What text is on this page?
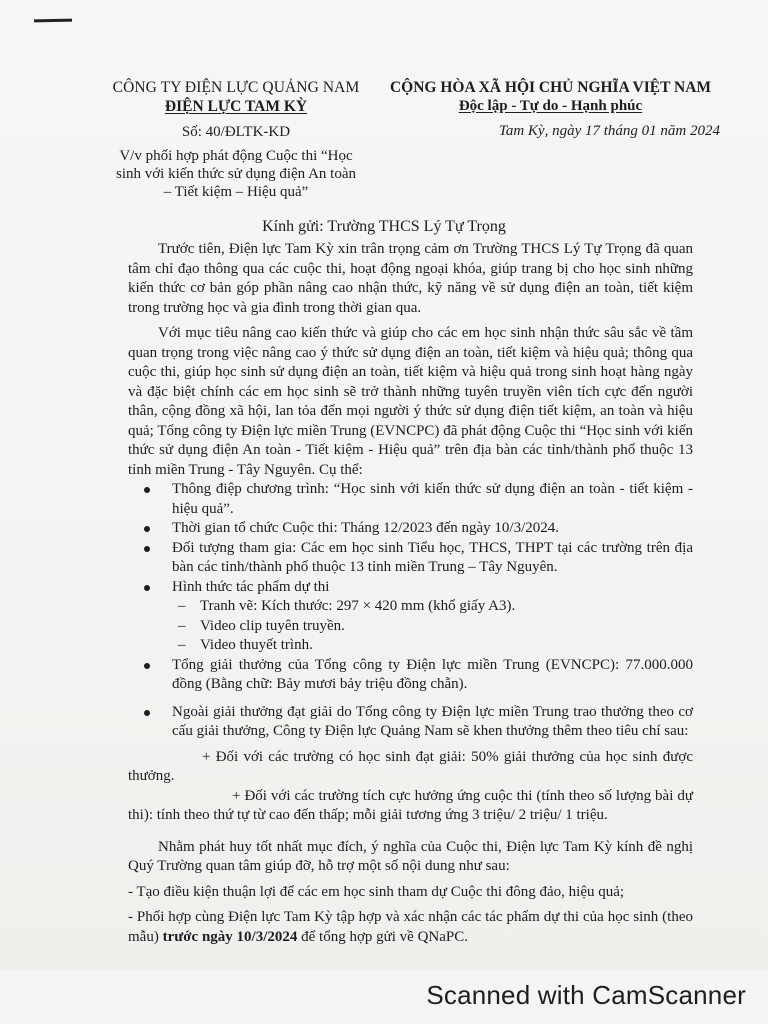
CÔNG TY ĐIỆN LỰC QUẢNG NAM
ĐIỆN LỰC TAM KỲ
CỘNG HÒA XÃ HỘI CHỦ NGHĨA VIỆT NAM
Độc lập - Tự do - Hạnh phúc
Số: 40/ĐLTK-KD	Tam Kỳ, ngày 17 tháng 01 năm 2024
V/v phối hợp phát động Cuộc thi “Học
sinh với kiến thức sử dụng điện An toàn
– Tiết kiệm – Hiệu quả”
Kính gửi: Trường THCS Lý Tự Trọng

Trước tiên, Điện lực Tam Kỳ xin trân trọng cảm ơn Trường THCS Lý Tự Trọng đã quan tâm chỉ đạo thông qua các cuộc thi, hoạt động ngoại khóa, giúp trang bị cho học sinh những kiến thức cơ bản góp phần nâng cao nhận thức, kỹ năng về sử dụng điện an toàn, tiết kiệm trong trường học và gia đình trong thời gian qua.

Với mục tiêu nâng cao kiến thức và giúp cho các em học sinh nhận thức sâu sắc về tầm quan trọng trong việc nâng cao ý thức sử dụng điện an toàn, tiết kiệm và hiệu quả; thông qua cuộc thi, giúp học sinh sử dụng điện an toàn, tiết kiệm và hiệu quả trong sinh hoạt hàng ngày và đặc biệt chính các em học sinh sẽ trở thành những tuyên truyền viên tích cực đến người thân, cộng đồng xã hội, lan tỏa đến mọi người ý thức sử dụng điện tiết kiệm, an toàn và hiệu quả; Tổng công ty Điện lực miền Trung (EVNCPC) đã phát động Cuộc thi “Học sinh với kiến thức sử dụng điện An toàn - Tiết kiệm - Hiệu quả” trên địa bàn các tỉnh/thành phố thuộc 13 tỉnh miền Trung - Tây Nguyên. Cụ thể:

Thông điệp chương trình: “Học sinh với kiến thức sử dụng điện an toàn - tiết kiệm - hiệu quả”.
Thời gian tổ chức Cuộc thi: Tháng 12/2023 đến ngày 10/3/2024.
Đối tượng tham gia: Các em học sinh Tiểu học, THCS, THPT tại các trường trên địa bàn các tỉnh/thành phố thuộc 13 tỉnh miền Trung – Tây Nguyên.
Hình thức tác phẩm dự thi
– Tranh vẽ: Kích thước: 297 × 420 mm (khổ giấy A3).
– Video clip tuyên truyền.
– Video thuyết trình.
Tổng giải thưởng của Tổng công ty Điện lực miền Trung (EVNCPC): 77.000.000 đồng (Bằng chữ: Bảy mươi bảy triệu đồng chẵn).
Ngoài giải thưởng đạt giải do Tổng công ty Điện lực miền Trung trao thưởng theo cơ cấu giải thưởng, Công ty Điện lực Quảng Nam sẽ khen thưởng thêm theo tiêu chí sau:

+ Đối với các trường có học sinh đạt giải: 50% giải thưởng của học sinh được thưởng.

+ Đối với các trường tích cực hưởng ứng cuộc thi (tính theo số lượng bài dự thi): tính theo thứ tự từ cao đến thấp; mỗi giải tương ứng 3 triệu/ 2 triệu/ 1 triệu.

Nhằm phát huy tốt nhất mục đích, ý nghĩa của Cuộc thi, Điện lực Tam Kỳ kính đề nghị Quý Trường quan tâm giúp đỡ, hỗ trợ một số nội dung như sau:

- Tạo điều kiện thuận lợi để các em học sinh tham dự Cuộc thi đông đảo, hiệu quả;

- Phối hợp cùng Điện lực Tam Kỳ tập hợp và xác nhận các tác phẩm dự thi của học sinh (theo mẫu) trước ngày 10/3/2024 để tổng hợp gửi về QNaPC.

Scanned with CamScanner
